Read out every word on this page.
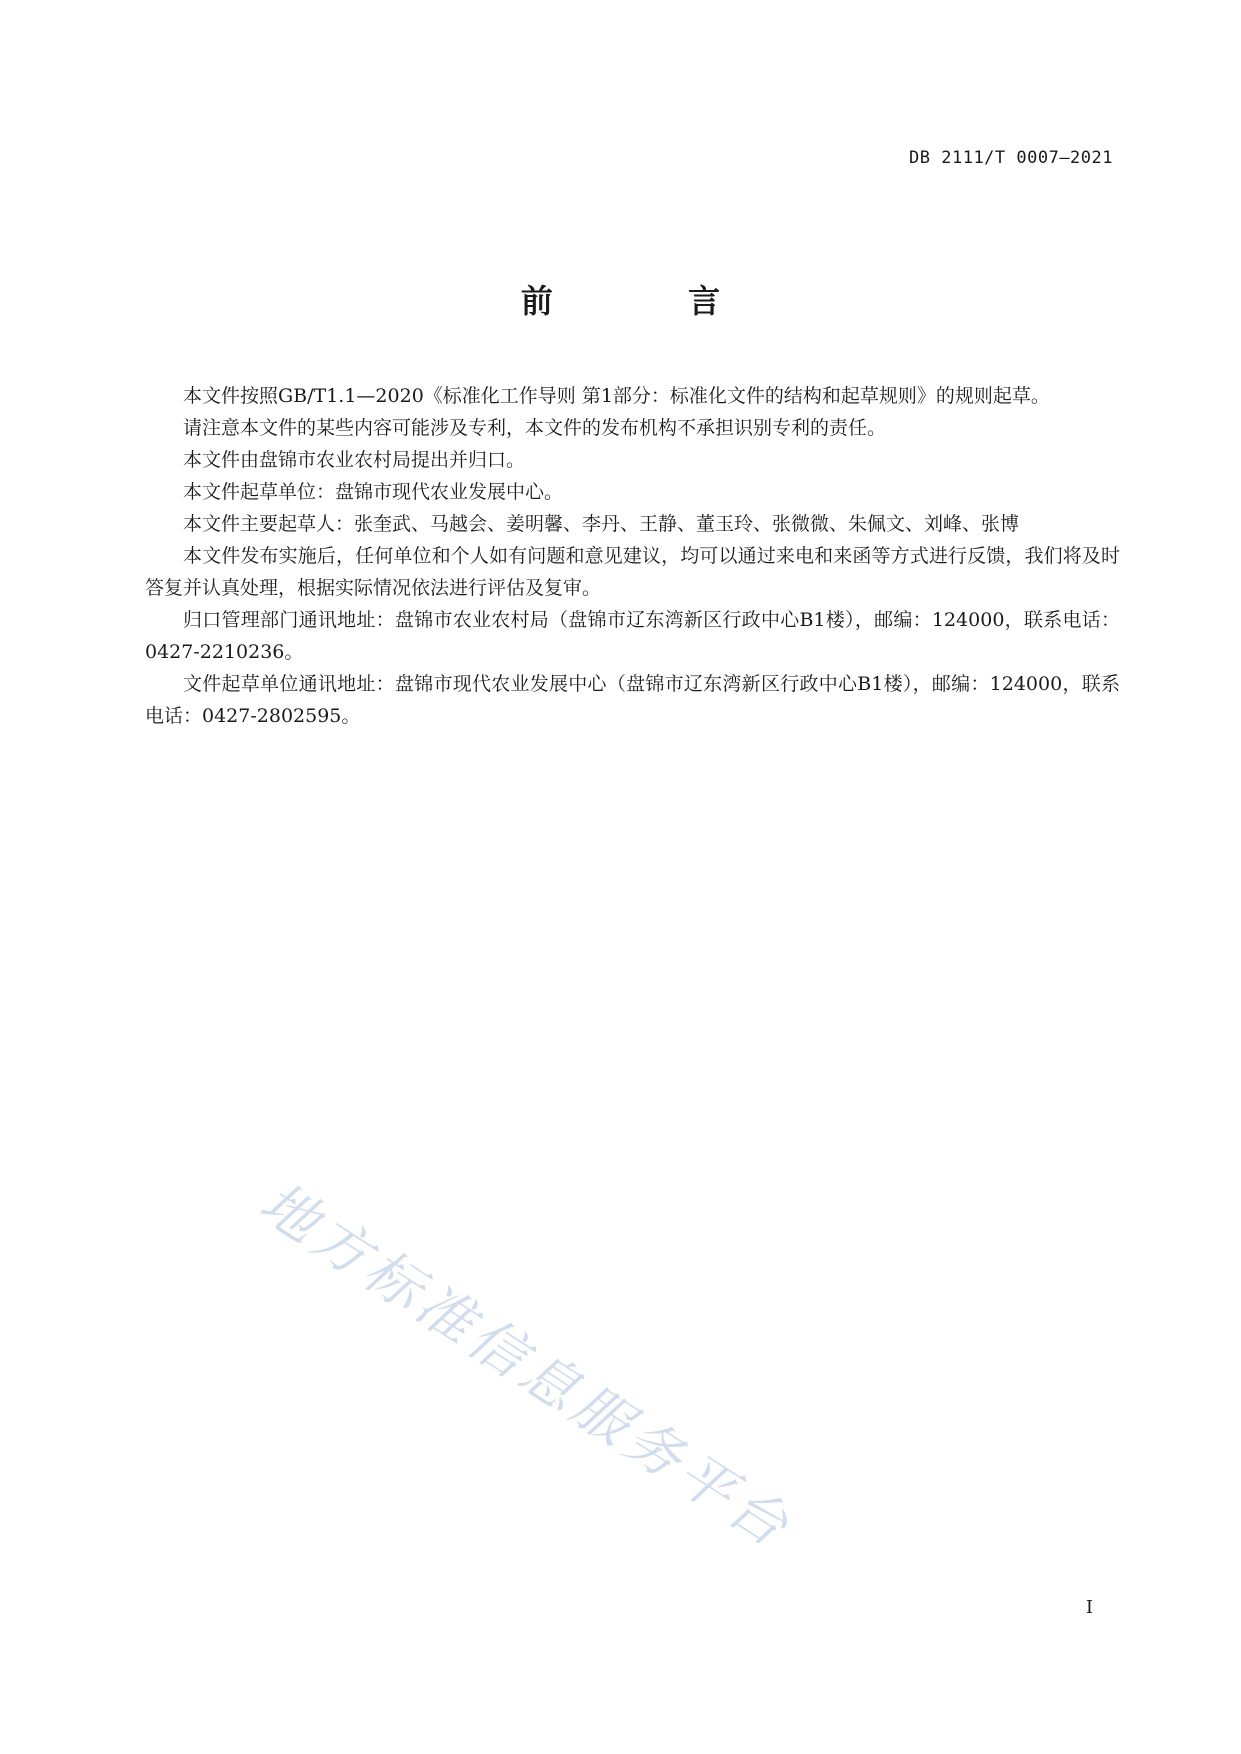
DB 2111/T 0007—2021
前 言

本文件按照GB/T1.1—2020《标准化工作导则 第1部分：标准化文件的结构和起草规则》的规则起草。

请注意本文件的某些内容可能涉及专利，本文件的发布机构不承担识别专利的责任。

本文件由盘锦市农业农村局提出并归口。

本文件起草单位：盘锦市现代农业发展中心。

本文件主要起草人：张奎武、马越会、姜明馨、李丹、王静、董玉玲、张微微、朱佩文、刘峰、张博

本文件发布实施后，任何单位和个人如有问题和意见建议，均可以通过来电和来函等方式进行反馈，我们将及时答复并认真处理，根据实际情况依法进行评估及复审。

归口管理部门通讯地址：盘锦市农业农村局（盘锦市辽东湾新区行政中心B1楼），邮编：124000，联系电话：0427-2210236。

文件起草单位通讯地址：盘锦市现代农业发展中心（盘锦市辽东湾新区行政中心B1楼），邮编：124000，联系电话：0427-2802595。

地方标准信息服务平台
I
